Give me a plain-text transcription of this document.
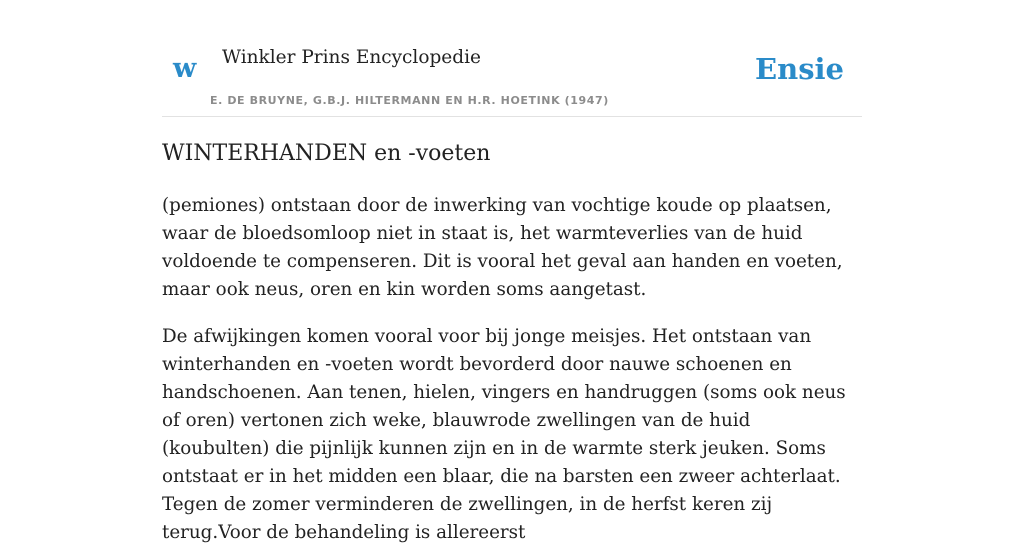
w Winkler Prins Encyclopedie
E. DE BRUYNE, G.B.J. HILTERMANN EN H.R. HOETINK (1947)
Ensie
WINTERHANDEN en -voeten

(pemiones) ontstaan door de inwerking van vochtige koude op plaatsen, waar de bloedsomloop niet in staat is, het warmteverlies van de huid voldoende te compenseren. Dit is vooral het geval aan handen en voeten, maar ook neus, oren en kin worden soms aangetast.

De afwijkingen komen vooral voor bij jonge meisjes. Het ontstaan van winterhanden en -voeten wordt bevorderd door nauwe schoenen en handschoenen. Aan tenen, hielen, vingers en handruggen (soms ook neus of oren) vertonen zich weke, blauwrode zwellingen van de huid (koubulten) die pijnlijk kunnen zijn en in de warmte sterk jeuken. Soms ontstaat er in het midden een blaar, die na barsten een zweer achterlaat. Tegen de zomer verminderen de zwellingen, in de herfst keren zij terug.Voor de behandeling is allereerst
